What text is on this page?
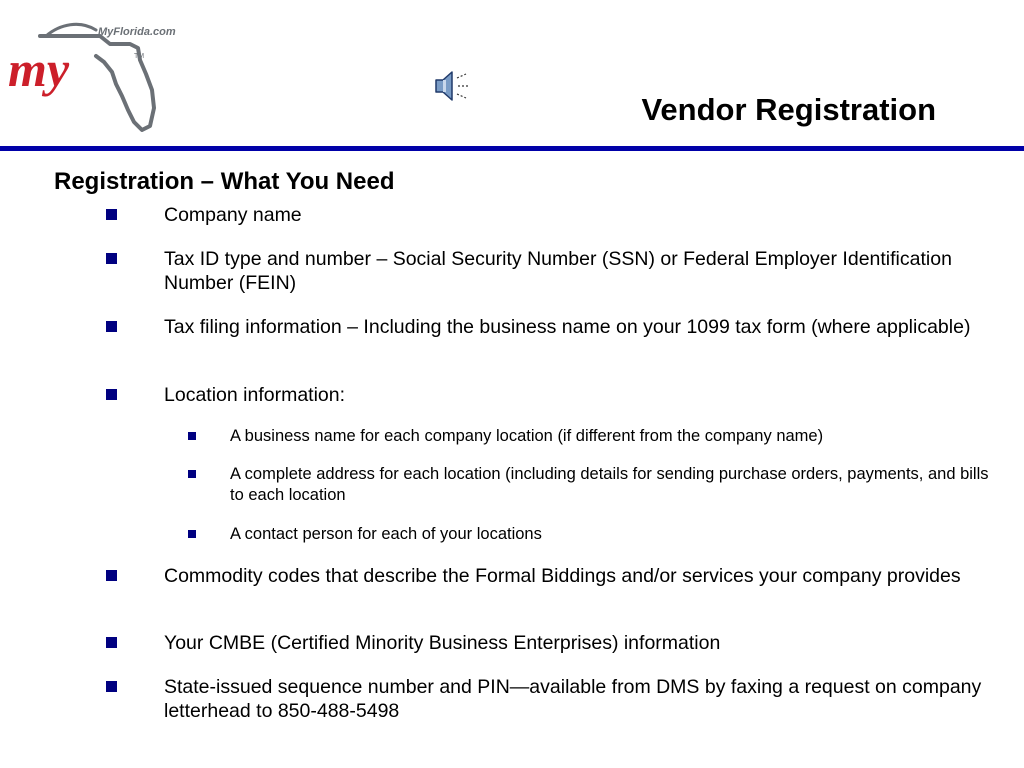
MyFlorida.com
my	TM
Vendor Registration
Registration – What You Need
Company name
Tax ID type and number – Social Security Number (SSN) or Federal Employer Identification Number (FEIN)
Tax filing information – Including the business name on your 1099 tax form (where applicable)
Location information:
A business name for each company location (if different from the company name)
A complete address for each location (including details for sending purchase orders, payments, and bills to each location
A contact person for each of your locations
Commodity codes that describe the Formal Biddings and/or services your company provides
Your CMBE (Certified Minority Business Enterprises) information
State-issued sequence number and PIN—available from DMS by faxing a request on company letterhead to 850-488-5498
